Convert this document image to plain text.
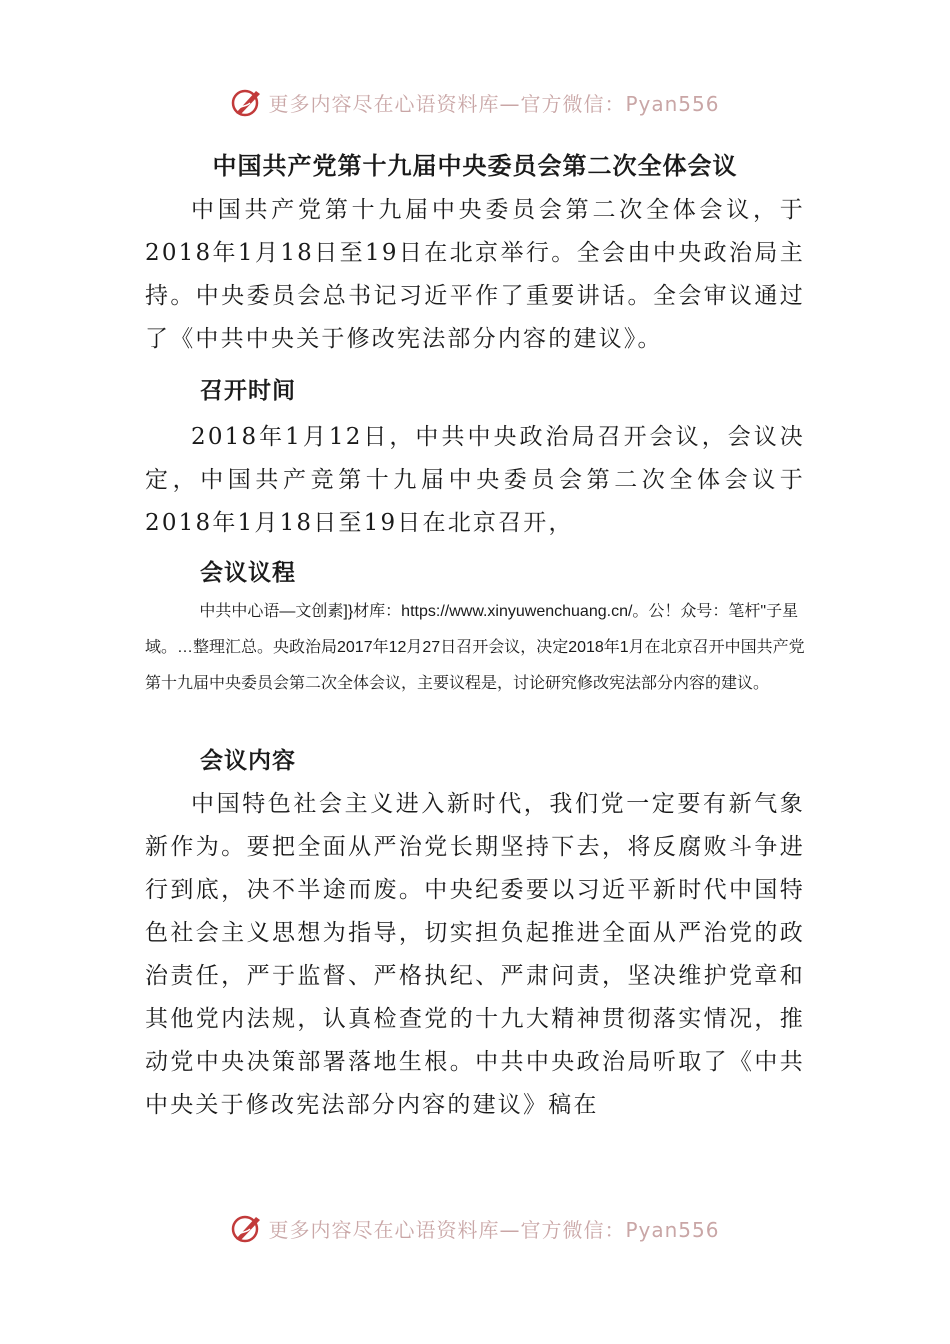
更多内容尽在心语资料库—官方微信：Pyan556
中国共产党第十九届中央委员会第二次全体会议

中国共产党第十九届中央委员会第二次全体会议，于2018年1月18日至19日在北京举行。全会由中央政治局主持。中央委员会总书记习近平作了重要讲话。全会审议通过了《中共中央关于修改宪法部分内容的建议》。

召开时间

2018年1月12日，中共中央政治局召开会议，会议决定，中国共产竞第十九届中央委员会第二次全体会议于2018年1月18日至19日在北京召开，

会议议程

中共中心语—文创素]}材库：https://www.xinyuwenchuang.cn/。公！众号：笔杆"子星域。…整理汇总。央政治局2017年12月27日召开会议，决定2018年1月在北京召开中国共产党第十九届中央委员会第二次全体会议，主要议程是，讨论研究修改宪法部分内容的建议。

会议内容

中国特色社会主义进入新时代，我们党一定要有新气象新作为。要把全面从严治党长期坚持下去，将反腐败斗争进行到底，决不半途而废。中央纪委要以习近平新时代中国特色社会主义思想为指导，切实担负起推进全面从严治党的政治责任，严于监督、严格执纪、严肃问责，坚决维护党章和其他党内法规，认真检查党的十九大精神贯彻落实情况，推动党中央决策部署落地生根。中共中央政治局听取了《中共中央关于修改宪法部分内容的建议》稿在

更多内容尽在心语资料库—官方微信：Pyan556
